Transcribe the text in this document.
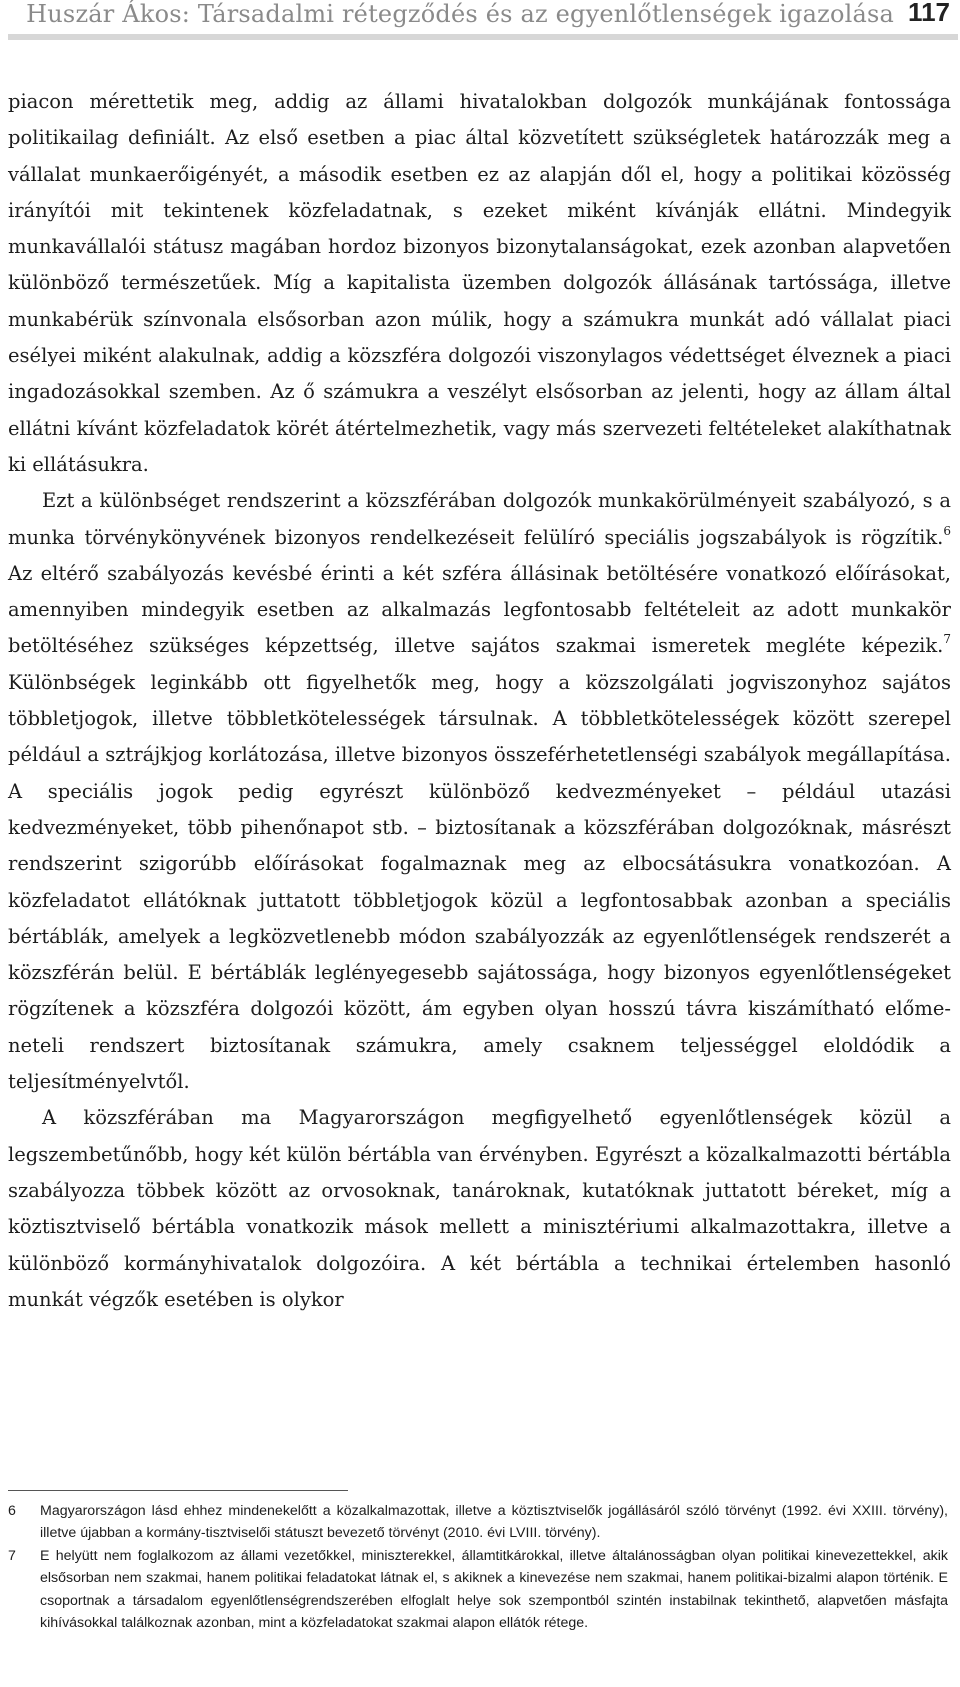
Huszár Ákos: Társadalmi rétegződés és az egyenlőtlenségek igazolása 117

piacon mérettetik meg, addig az állami hivatalokban dolgozók munkájának fontossága politikailag definiált. Az első esetben a piac által közvetített szükségletek határozzák meg a vállalat munkaerőigényét, a második esetben ez az alapján dől el, hogy a politikai közösség irányítói mit tekintenek közfeladatnak, s ezeket miként kívánják ellátni. Mindegyik munkavállalói státusz magában hordoz bizonyos bizonytalanságokat, ezek azonban alapvetően különböző természetűek. Míg a kapitalista üzemben dolgozók állásának tartóssága, illetve munkabérük színvonala elsősorban azon múlik, hogy a számukra munkát adó vállalat piaci esélyei miként alakulnak, addig a közszféra dolgozói viszonylagos védettséget élveznek a piaci ingadozásokkal szemben. Az ő számukra a veszélyt elsősorban az jelenti, hogy az állam által ellátni kívánt közfeladatok körét átértelmezhetik, vagy más szervezeti feltételeket alakíthatnak ki ellátásukra.

Ezt a különbséget rendszerint a közszférában dolgozók munkakörülményeit szabályozó, s a munka törvénykönyvének bizonyos rendelkezéseit felülíró speciális jogszabályok is rögzítik.$^6$ Az eltérő szabályozás kevésbé érinti a két szféra állásinak betöltésére vonatkozó előírásokat, amennyiben mindegyik esetben az alkalmazás legfontosabb feltételeit az adott munkakör betöltéséhez szükséges képzettség, illetve sajátos szakmai ismeretek megléte képezik.$^7$ Különbségek leginkább ott figyelhetők meg, hogy a közszolgálati jogviszonyhoz sajátos többletjogok, illetve többletkötelességek társulnak. A többletkötelességek között szerepel például a sztrájkjog korlátozása, illetve bizonyos összeférhetetlenségi szabályok megállapítása. A speciális jogok pedig egyrészt különböző kedvezményeket – például utazási kedvezményeket, több pihenőnapot stb. – biztosítanak a közszférában dolgozóknak, másrészt rendszerint szigorúbb előírásokat fogalmaznak meg az elbocsátásukra vonatkozóan. A közfeladatot ellátóknak juttatott többletjogok közül a legfontosabbak azonban a speciális bértáblák, amelyek a legközvetlenebb módon szabályozzák az egyenlőtlenségek rendszerét a közszférán belül. E bértáblák leglényegesebb sajátossága, hogy bizonyos egyenlőtlenségeket rögzítenek a közszféra dolgozói között, ám egyben olyan hosszú távra kiszámítható előmeneteli rendszert biztosítanak számukra, amely csaknem teljességgel eloldódik a teljesítményelvtől.

A közszférában ma Magyarországon megfigyelhető egyenlőtlenségek közül a legszembetűnőbb, hogy két külön bértábla van érvényben. Egyrészt a közalkalmazotti bértábla szabályozza többek között az orvosoknak, tanároknak, kutatóknak juttatott béreket, míg a köztisztviselő bértábla vonatkozik mások mellett a minisztériumi alkalmazottakra, illetve a különböző kormányhivatalok dolgozóira. A két bértábla a technikai értelemben hasonló munkát végzők esetében is olykor

6	Magyarországon lásd ehhez mindenekelőtt a közalkalmazottak, illetve a köztisztviselők jogállásáról szóló törvényt (1992. évi XXIII. törvény), illetve újabban a kormány-tisztviselői státuszt bevezető törvényt (2010. évi LVIII. törvény).
7	E helyütt nem foglalkozom az állami vezetőkkel, miniszterekkel, államtitkárokkal, illetve általánosságban olyan politikai kinevezettekkel, akik elsősorban nem szakmai, hanem politikai feladatokat látnak el, s akiknek a kinevezése nem szakmai, hanem politikai-bizalmi alapon történik. E csoportnak a társadalom egyenlőtlenségrendszerében elfoglalt helye sok szempontból szintén instabilnak tekinthető, alapvetően másfajta kihívásokkal találkoznak azonban, mint a közfeladatokat szakmai alapon ellátók rétege.
